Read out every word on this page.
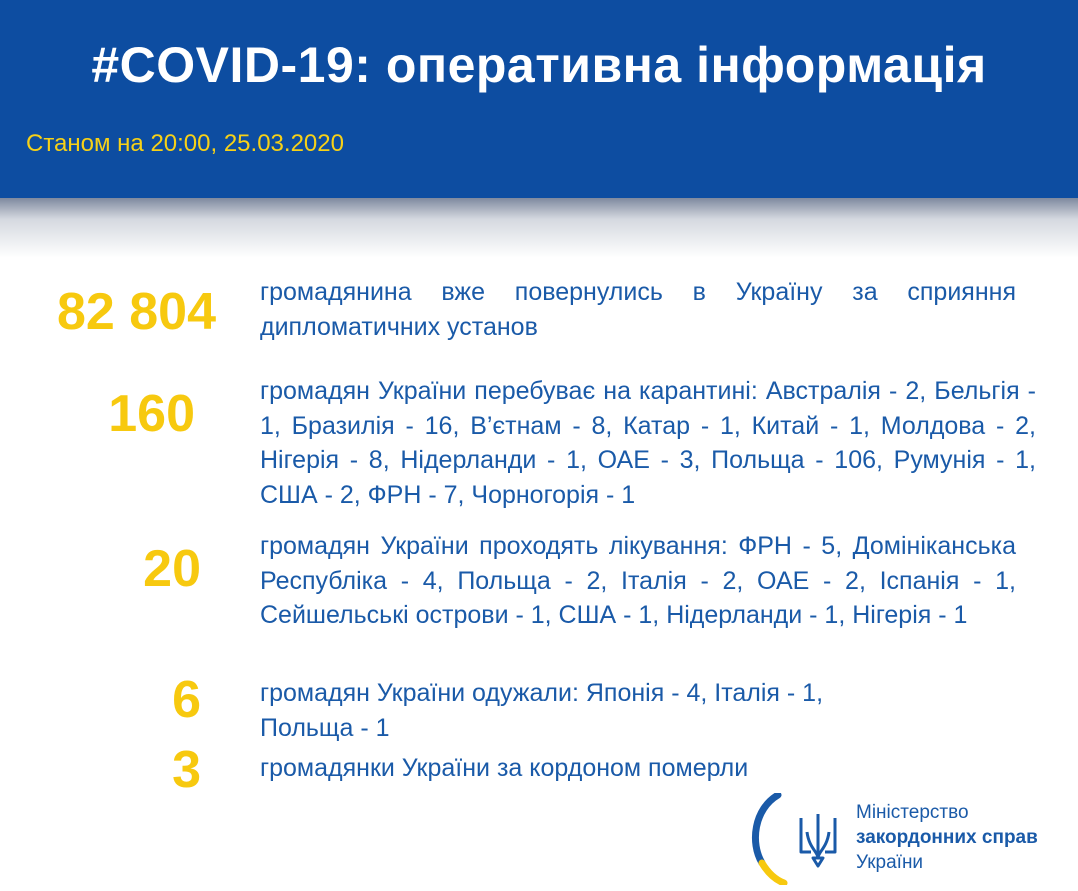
#COVID-19: оперативна інформація
Станом на 20:00, 25.03.2020
82 804 громадянина вже повернулись в Україну за сприяння дипломатичних установ
160	громадян України перебуває на карантині: Австралія - 2, Бельгія - 1, Бразилія - 16, В’єтнам - 8, Катар - 1, Китай - 1, Молдова - 2, Нігерія - 8, Нідерланди - 1, ОАЕ - 3, Польща - 106, Румунія - 1, США - 2, ФРН - 7, Чорногорія - 1
20 громадян України проходять лікування: ФРН - 5, Домініканська Республіка - 4, Польща - 2, Італія - 2, ОАЕ - 2, Іспанія - 1, Сейшельські острови - 1, США - 1, Нідерланди - 1, Нігерія - 1
6 громадян України одужали: Японія - 4, Італія - 1, Польща - 1
3 громадянки України за кордоном померли
Міністерство
закордонних справ
України
